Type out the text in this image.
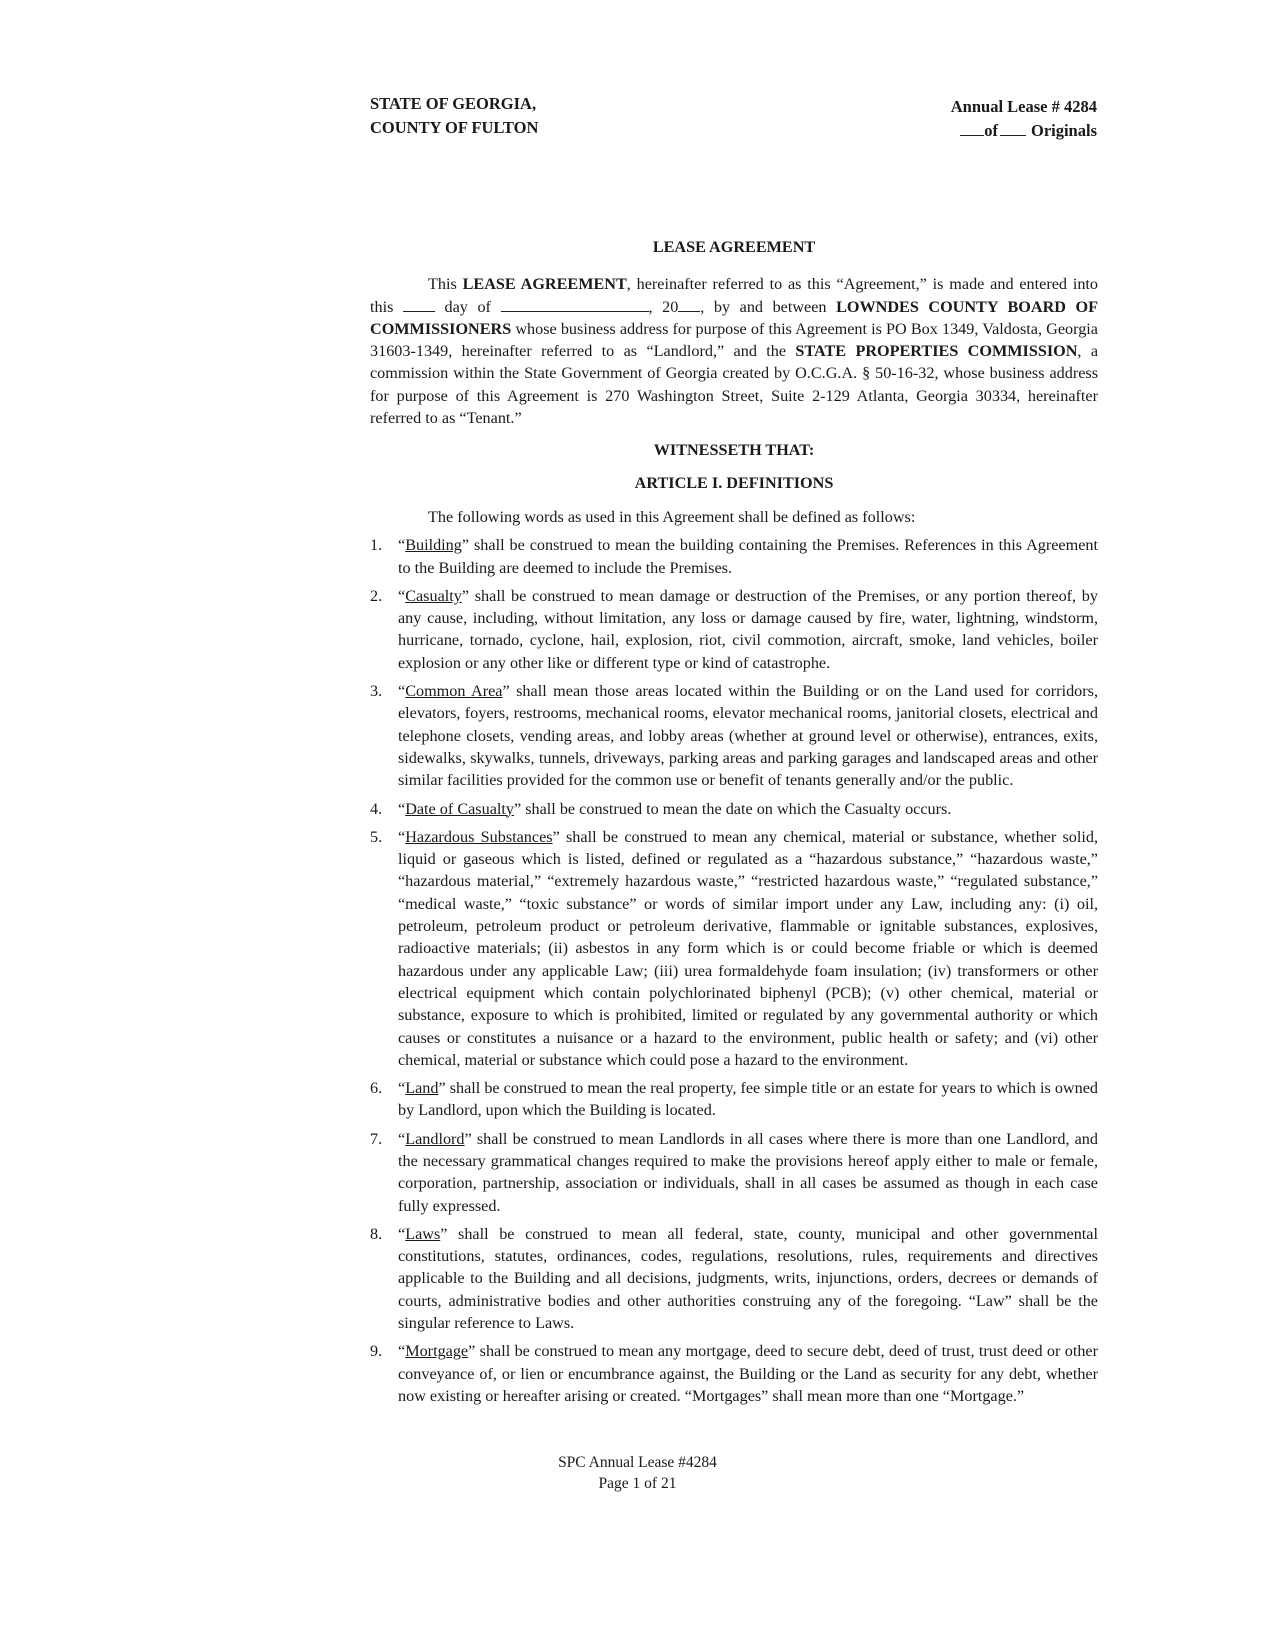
STATE OF GEORGIA,
COUNTY OF FULTON
Annual Lease # 4284
of Originals
LEASE AGREEMENT

This LEASE AGREEMENT, hereinafter referred to as this “Agreement,” is made and entered into this  day of	, 20 , by and between LOWNDES COUNTY BOARD OF COMMISSIONERS whose business address for purpose of this Agreement is PO Box 1349, Valdosta, Georgia 31603-1349, hereinafter referred to as “Landlord,” and the STATE PROPERTIES COMMISSION, a commission within the State Government of Georgia created by O.C.G.A. § 50-16-32, whose business address for purpose of this Agreement is 270 Washington Street, Suite 2-129 Atlanta, Georgia 30334, hereinafter referred to as “Tenant.”

WITNESSETH THAT:
ARTICLE I. DEFINITIONS
The following words as used in this Agreement shall be defined as follows:
1. “Building” shall be construed to mean the building containing the Premises. References in this Agreement to the Building are deemed to include the Premises.
2. “Casualty” shall be construed to mean damage or destruction of the Premises, or any portion thereof, by any cause, including, without limitation, any loss or damage caused by fire, water, lightning, windstorm, hurricane, tornado, cyclone, hail, explosion, riot, civil commotion, aircraft, smoke, land vehicles, boiler explosion or any other like or different type or kind of catastrophe.
3. “Common Area” shall mean those areas located within the Building or on the Land used for corridors, elevators, foyers, restrooms, mechanical rooms, elevator mechanical rooms, janitorial closets, electrical and telephone closets, vending areas, and lobby areas (whether at ground level or otherwise), entrances, exits, sidewalks, skywalks, tunnels, driveways, parking areas and parking garages and landscaped areas and other similar facilities provided for the common use or benefit of tenants generally and/or the public.
4. “Date of Casualty” shall be construed to mean the date on which the Casualty occurs.
5. “Hazardous Substances” shall be construed to mean any chemical, material or substance, whether solid, liquid or gaseous which is listed, defined or regulated as a “hazardous substance,” “hazardous waste,” “hazardous material,” “extremely hazardous waste,” “restricted hazardous waste,” “regulated substance,” “medical waste,” “toxic substance” or words of similar import under any Law, including any: (i) oil, petroleum, petroleum product or petroleum derivative, flammable or ignitable substances, explosives, radioactive materials; (ii) asbestos in any form which is or could become friable or which is deemed hazardous under any applicable Law; (iii) urea formaldehyde foam insulation; (iv) transformers or other electrical equipment which contain polychlorinated biphenyl (PCB); (v) other chemical, material or substance, exposure to which is prohibited, limited or regulated by any governmental authority or which causes or constitutes a nuisance or a hazard to the environment, public health or safety; and (vi) other chemical, material or substance which could pose a hazard to the environment.
6. “Land” shall be construed to mean the real property, fee simple title or an estate for years to which is owned by Landlord, upon which the Building is located.
7. “Landlord” shall be construed to mean Landlords in all cases where there is more than one Landlord, and the necessary grammatical changes required to make the provisions hereof apply either to male or female, corporation, partnership, association or individuals, shall in all cases be assumed as though in each case fully expressed.
8. “Laws” shall be construed to mean all federal, state, county, municipal and other governmental constitutions, statutes, ordinances, codes, regulations, resolutions, rules, requirements and directives applicable to the Building and all decisions, judgments, writs, injunctions, orders, decrees or demands of courts, administrative bodies and other authorities construing any of the foregoing. “Law” shall be the singular reference to Laws.
9. “Mortgage” shall be construed to mean any mortgage, deed to secure debt, deed of trust, trust deed or other conveyance of, or lien or encumbrance against, the Building or the Land as security for any debt, whether now existing or hereafter arising or created. “Mortgages” shall mean more than one “Mortgage.”
SPC Annual Lease #4284
Page 1 of 21
